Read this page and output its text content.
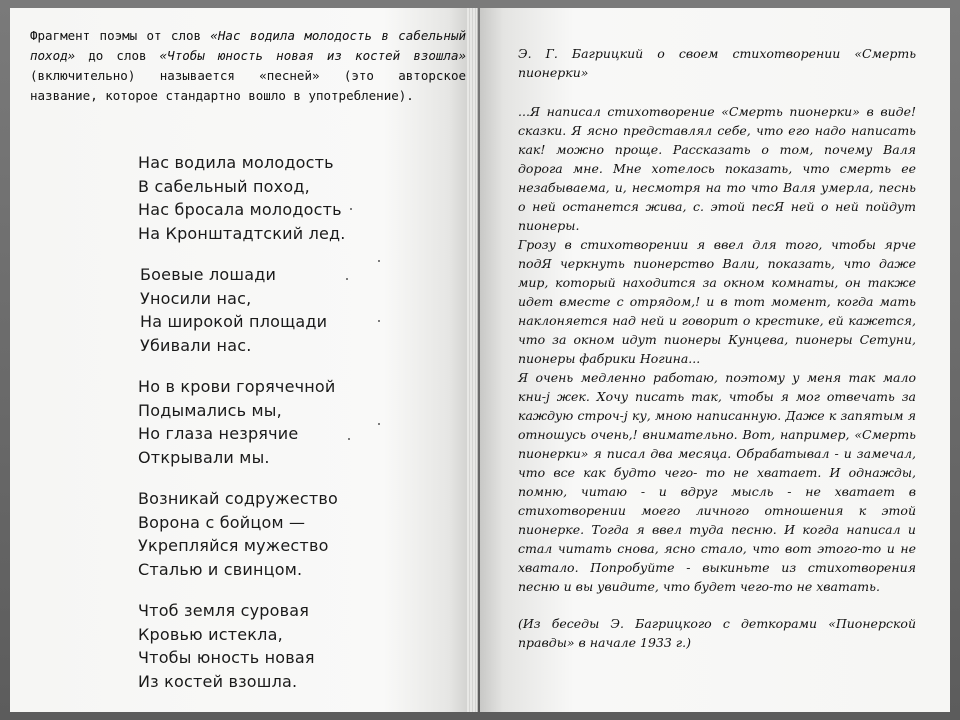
Фрагмент поэмы от слов «Нас водила молодость в сабельный поход» до слов «Чтобы юность новая из костей взошла» (включительно) называется «песней» (это авторское название, которое стандартно вошло в употребление).

Нас водила молодость
В сабельный поход,
Нас бросала молодость
На Кронштадтский лед.
Боевые лошади
Уносили нас,
На широкой площади
Убивали нас.
Но в крови горячечной
Подымались мы,
Но глаза незрячие
Открывали мы.
Возникай содружество
Ворона с бойцом —
Укрепляйся мужество
Сталью и свинцом.
Чтоб земля суровая
Кровью истекла,
Чтобы юность новая
Из костей взошла.

Э. Г. Багрицкий о своем стихотворении «Смерть пионерки»

...Я написал стихотворение «Смерть пионерки» в виде! сказки. Я ясно представлял себе, что его надо написать как! можно проще. Рассказать о том, почему Валя дорога мне. Мне хотелось показать, что смерть ее незабываема, и, несмотря на то что Валя умерла, песнь о ней останется жива, с. этой песЯ ней о ней пойдут пионеры.

Грозу в стихотворении я ввел для того, чтобы ярче подЯ черкнуть пионерство Вали, показать, что даже мир, который находится за окном комнаты, он также идет вместе с отрядом,! и в тот момент, когда мать наклоняется над ней и говорит о крестике, ей кажется, что за окном идут пионеры Кунцева, пионеры Сетуни, пионеры фабрики Ногина...

Я очень медленно работаю, поэтому у меня так мало кни-j жек. Хочу писать так, чтобы я мог отвечать за каждую строч-j ку, мною написанную. Даже к запятым я отношусь очень,! внимательно. Вот, например, «Смерть пионерки» я писал два месяца. Обрабатывал - и замечал, что все как будто чего- то не хватает. И однажды, помню, читаю - и вдруг мысль - не хватает в стихотворении моего личного отношения к этой пионерке. Тогда я ввел туда песню. И когда написал и стал читать снова, ясно стало, что вот этого-то и не хватало. Попробуйте - выкиньте из стихотворения песню и вы увидите, что будет чего-то не хватать.

(Из беседы Э. Багрицкого с деткорами «Пионерской правды» в начале 1933 г.)
